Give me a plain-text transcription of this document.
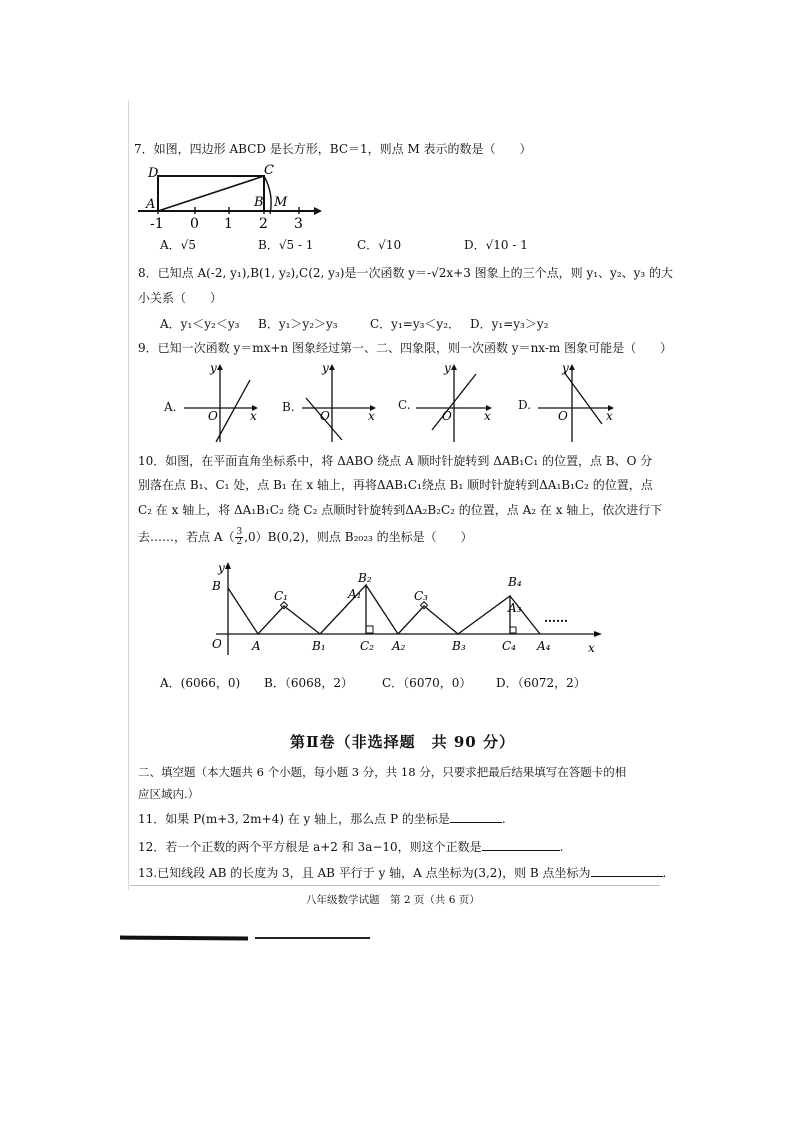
7．如图，四边形 ABCD 是长方形，BC＝1，则点 M 表示的数是（　　）
D	C
A	B M
-1 0 1 2 3
A．√5	B．√5 - 1	C．√10	D．√10 - 1
8．已知点 A(-2, y₁),B(1, y₂),C(2, y₃)是一次函数 y＝-√2x+3 图象上的三个点，则 y₁、y₂、y₃ 的大
小关系（　　）
A．y₁＜y₂＜y₃ B．y₁＞y₂＞y₃	C．y₁=y₃＜y₂． D．y₁=y₃＞y₂
9．已知一次函数 y＝mx+n 图象经过第一、二、四象限，则一次函数 y＝nx-m 图象可能是（　　）
A.
y
x
O
B.
y
x
O
C.
y
x
O
D.
y
x
O
10．如图，在平面直角坐标系中，将 ΔABO 绕点 A 顺时针旋转到 ΔAB₁C₁ 的位置，点 B、O 分
别落在点 B₁、C₁ 处，点 B₁ 在 x 轴上，再将ΔAB₁C₁绕点 B₁ 顺时针旋转到ΔA₁B₁C₂ 的位置，点
C₂ 在 x 轴上，将 ΔA₁B₁C₂ 绕 C₂ 点顺时针旋转到ΔA₂B₂C₂ 的位置，点 A₂ 在 x 轴上，依次进行下
去……，若点 $A( \frac{3}{2} ,0)B(0,2)$，则点 B₂₀₂₃ 的坐标是（　　）
y
x
O
B
A
C₁
B₁
B₂
A₁
C₂ A₂
C₃
B₃
B₄
A₃
C₄ A₄
……
A．(6066，0) B．（6068，2） C．（6070，0） D．（6072，2）
第Ⅱ卷（非选择题　共 90 分）
二、填空题（本大题共 6 个小题，每小题 3 分，共 18 分，只要求把最后结果填写在答题卡的相
应区域内.）
11．如果 P(m+3, 2m+4) 在 y 轴上，那么点 P 的坐标是	.
12．若一个正数的两个平方根是 a+2 和 3a−10，则这个正数是	.
13.已知线段 AB 的长度为 3，且 AB 平行于 y 轴，A 点坐标为(3,2)，则 B 点坐标为	.
八年级数学试题　第 2 页（共 6 页）
